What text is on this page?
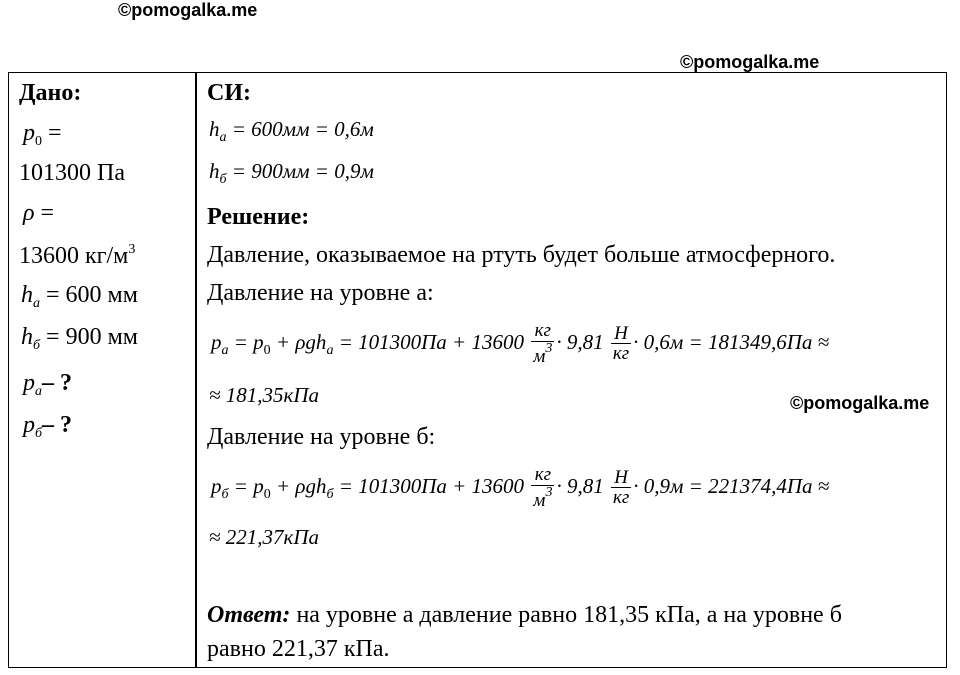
©pomogalka.me
©pomogalka.me
©pomogalka.me
Дано:
$p_0$ =
101300 Па
ρ =
13600 $кг/м^3$
$h_а = 600$ мм
$h_б = 900$ мм
$p_а-$ ?
$p_б-$ ?
СИ:
$h_а = 600мм = 0,6м$
$h_б = 900мм = 0,9м$
Решение:
Давление, оказываемое на ртуть будет больше атмосферного.
Давление на уровне а:
$p_а = p_0 + \rho gh_а = 101300Па + 13600 \frac{кг}{м^3} \cdot 9,81 \frac{Н}{кг} \cdot 0,6м = 181349,6Па$ ≈
≈ 181,35кПа
Давление на уровне б:
$p_б = p_0 + \rho gh_б = 101300Па + 13600 \frac{кг}{м^3} \cdot 9,81 \frac{Н}{кг} \cdot 0,9м = 221374,4Па$ ≈
≈ 221,37кПа
Ответ: на уровне а давление равно 181,35 кПа, а на уровне б
равно 221,37 кПа.
